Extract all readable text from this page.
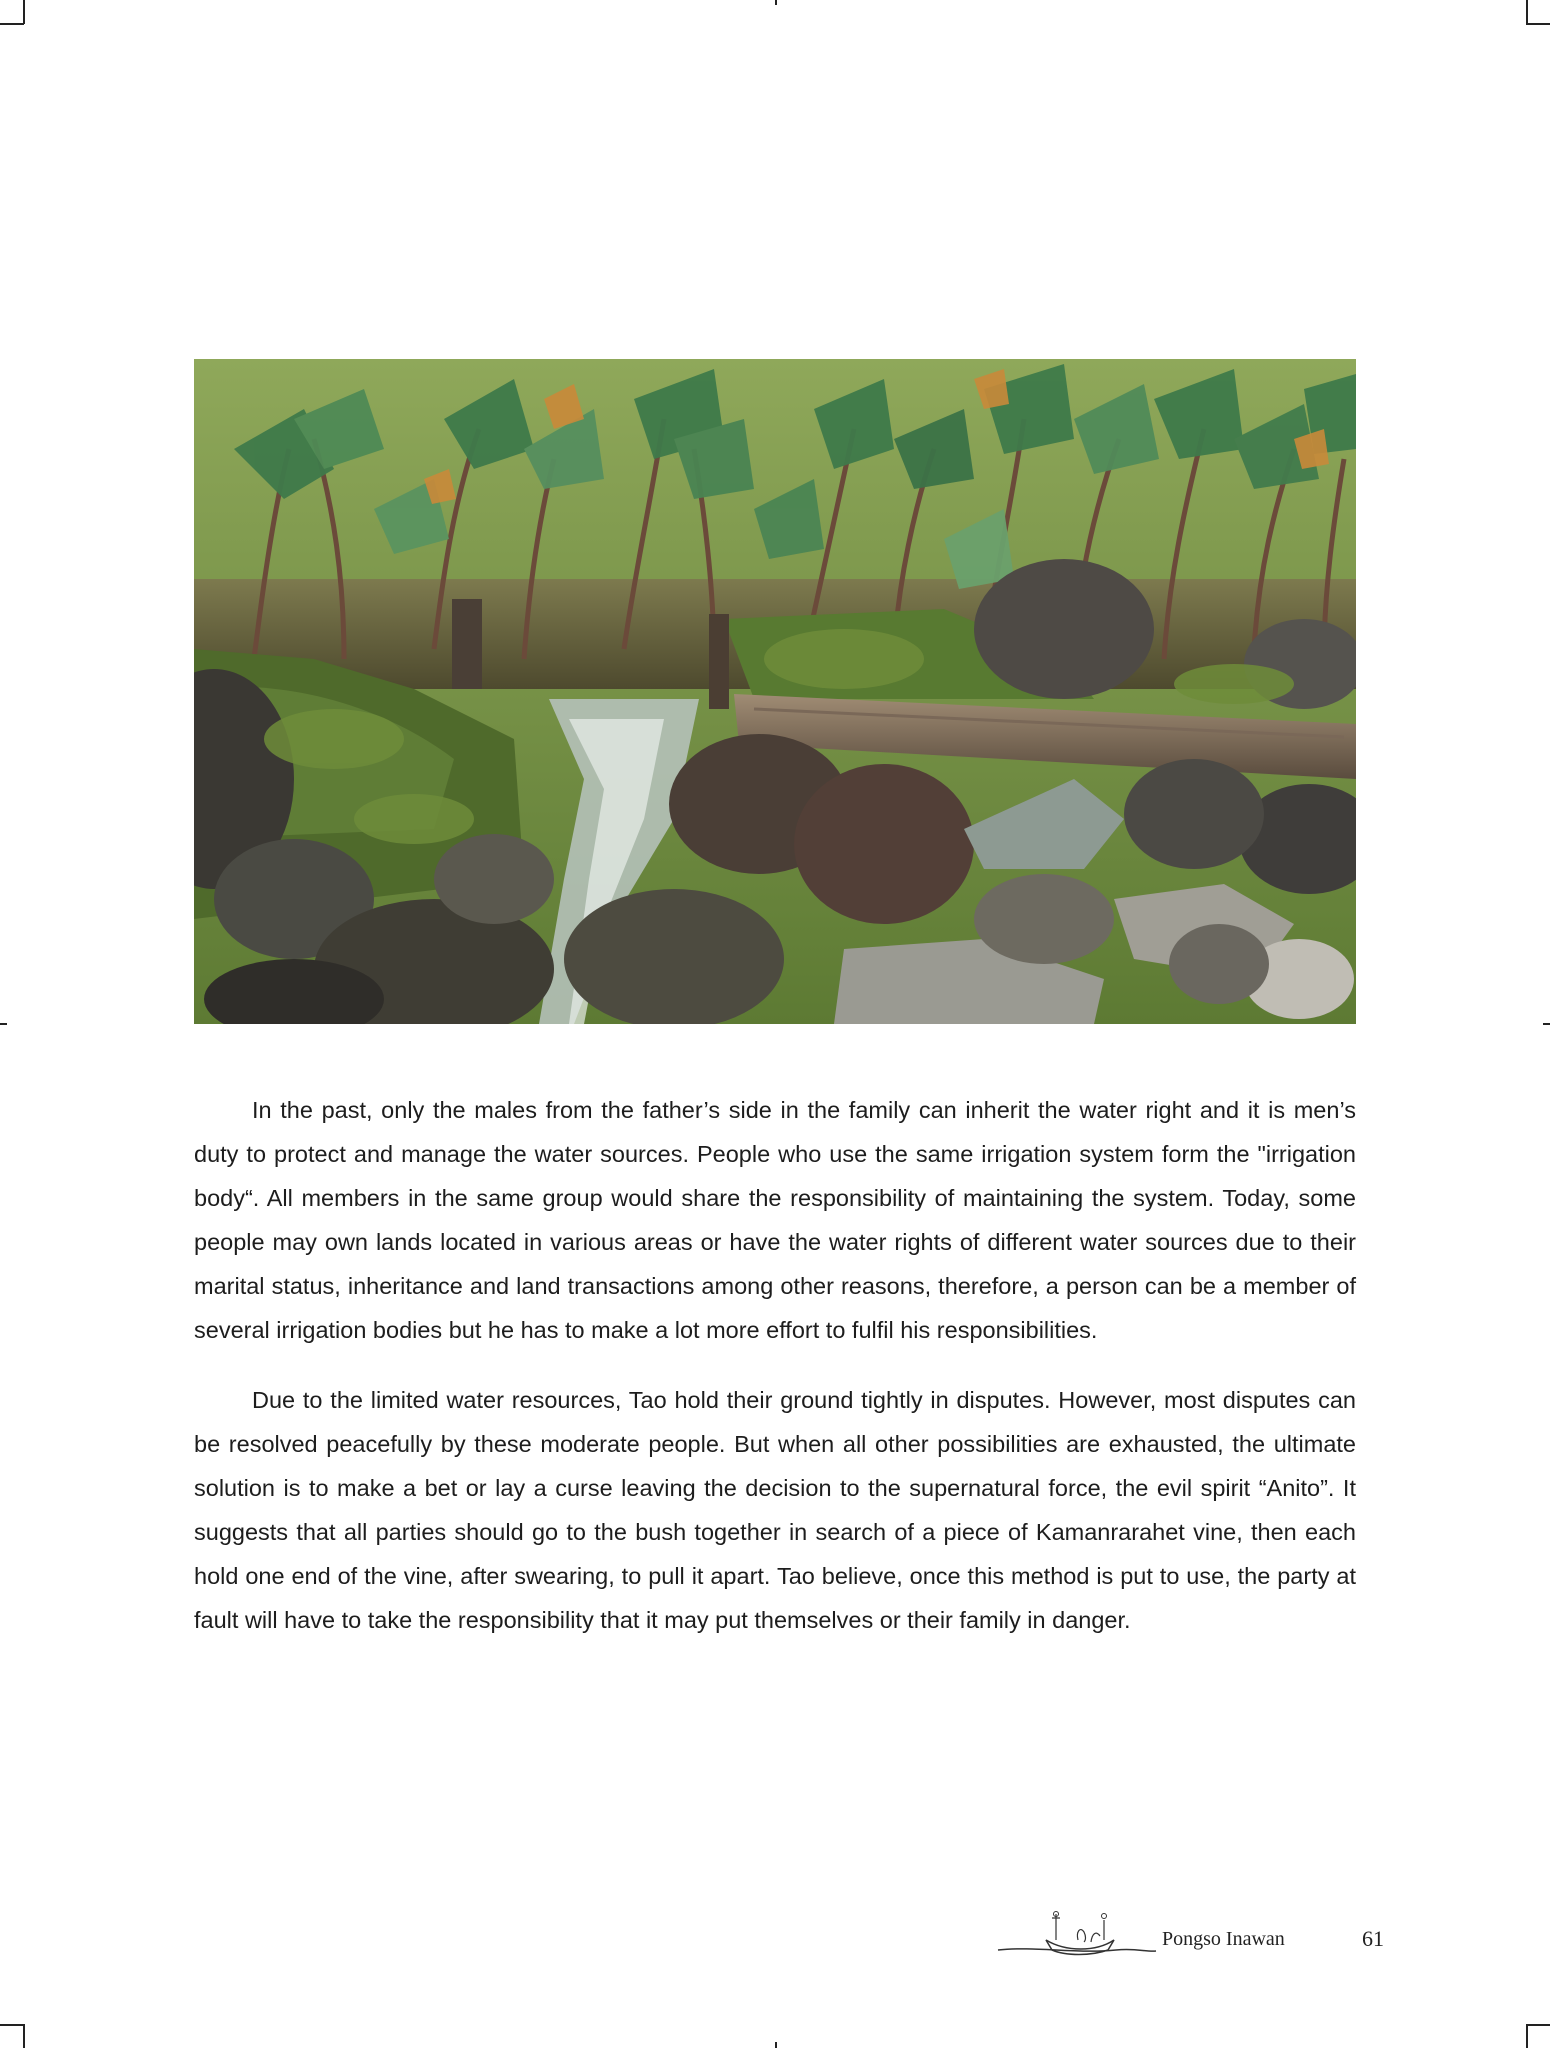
In the past, only the males from the father’s side in the family can inherit the water right and it is men’s duty to protect and manage the water sources. People who use the same irrigation system form the "irrigation body“. All members in the same group would share the responsibility of maintaining the system. Today, some people may own lands located in various areas or have the water rights of different water sources due to their marital status, inheritance and land transactions among other reasons, therefore, a person can be a member of several irrigation bodies but he has to make a lot more effort to fulfil his responsibilities.

Due to the limited water resources, Tao hold their ground tightly in disputes. However, most disputes can be resolved peacefully by these moderate people. But when all other possibilities are exhausted, the ultimate solution is to make a bet or lay a curse leaving the decision to the supernatural force, the evil spirit “Anito”. It suggests that all parties should go to the bush together in search of a piece of Kamanrarahet vine, then each hold one end of the vine, after swearing, to pull it apart. Tao believe, once this method is put to use, the party at fault will have to take the responsibility that it may put themselves or their family in danger.

Pongso Inawan	61
